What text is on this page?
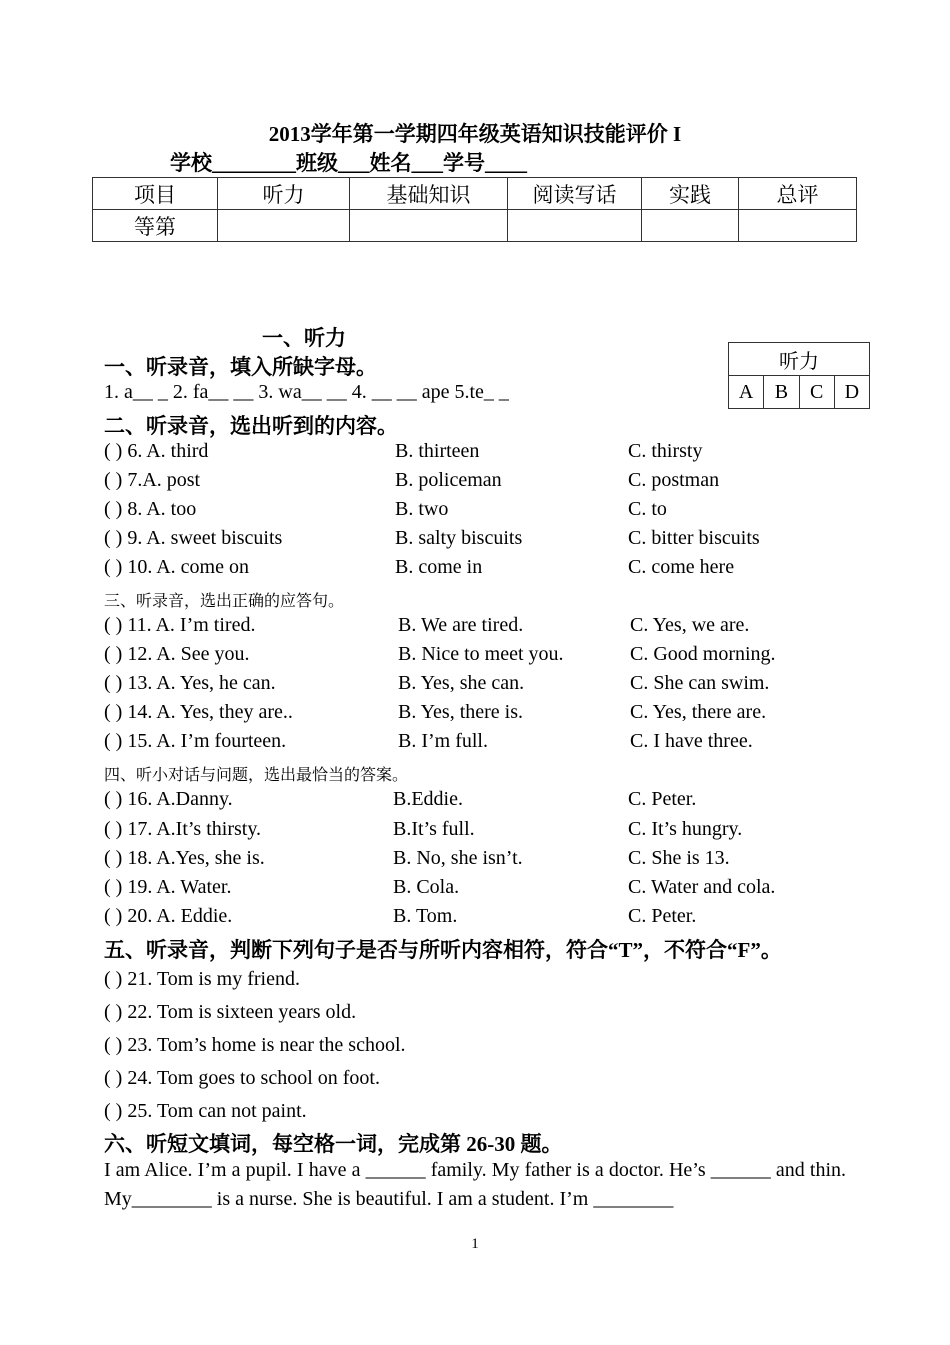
2013学年第一学期四年级英语知识技能评价 I
学校________班级___姓名___学号____
项目	听力	基础知识	阅读写话	实践	总评
等第					
一、听力
听力
A	B	C	D
一、听录音，填入所缺字母。
1. a__ _ 2. fa__ __ 3. wa__ __ 4. __ __ ape 5.te_ _
二、听录音，选出听到的内容。
( ) 6. A. third	B. thirteen	C. thirsty
( ) 7.A. post	B. policeman	C. postman
( ) 8. A. too	B. two	C. to
( ) 9. A. sweet biscuits	B. salty biscuits	C. bitter biscuits
( ) 10. A. come on	B. come in	C. come here
三、听录音，选出正确的应答句。
( ) 11. A. I’m tired.	B. We are tired.	C. Yes, we are.
( ) 12. A. See you.	B. Nice to meet you.	C. Good morning.
( ) 13. A. Yes, he can.	B. Yes, she can.	C. She can swim.
( ) 14. A. Yes, they are..	B. Yes, there is.	C. Yes, there are.
( ) 15. A. I’m fourteen.	B. I’m full.	C. I have three.
四、听小对话与问题，选出最恰当的答案。
( ) 16. A.Danny.	B.Eddie.	C. Peter.
( ) 17. A.It’s thirsty.	B.It’s full.	C. It’s hungry.
( ) 18. A.Yes, she is.	B. No, she isn’t.	C. She is 13.
( ) 19. A. Water.	B. Cola.	C. Water and cola.
( ) 20. A. Eddie.	B. Tom.	C. Peter.
五、听录音，判断下列句子是否与所听内容相符，符合“T”，不符合“F”。
( ) 21. Tom is my friend.
( ) 22. Tom is sixteen years old.
( ) 23. Tom’s home is near the school.
( ) 24. Tom goes to school on foot.
( ) 25. Tom can not paint.
六、听短文填词，每空格一词，完成第 26-30 题。
I am Alice. I’m a pupil. I have a ______ family. My father is a doctor. He’s ______ and thin. My________ is a nurse. She is beautiful. I am a student. I’m ________
1
